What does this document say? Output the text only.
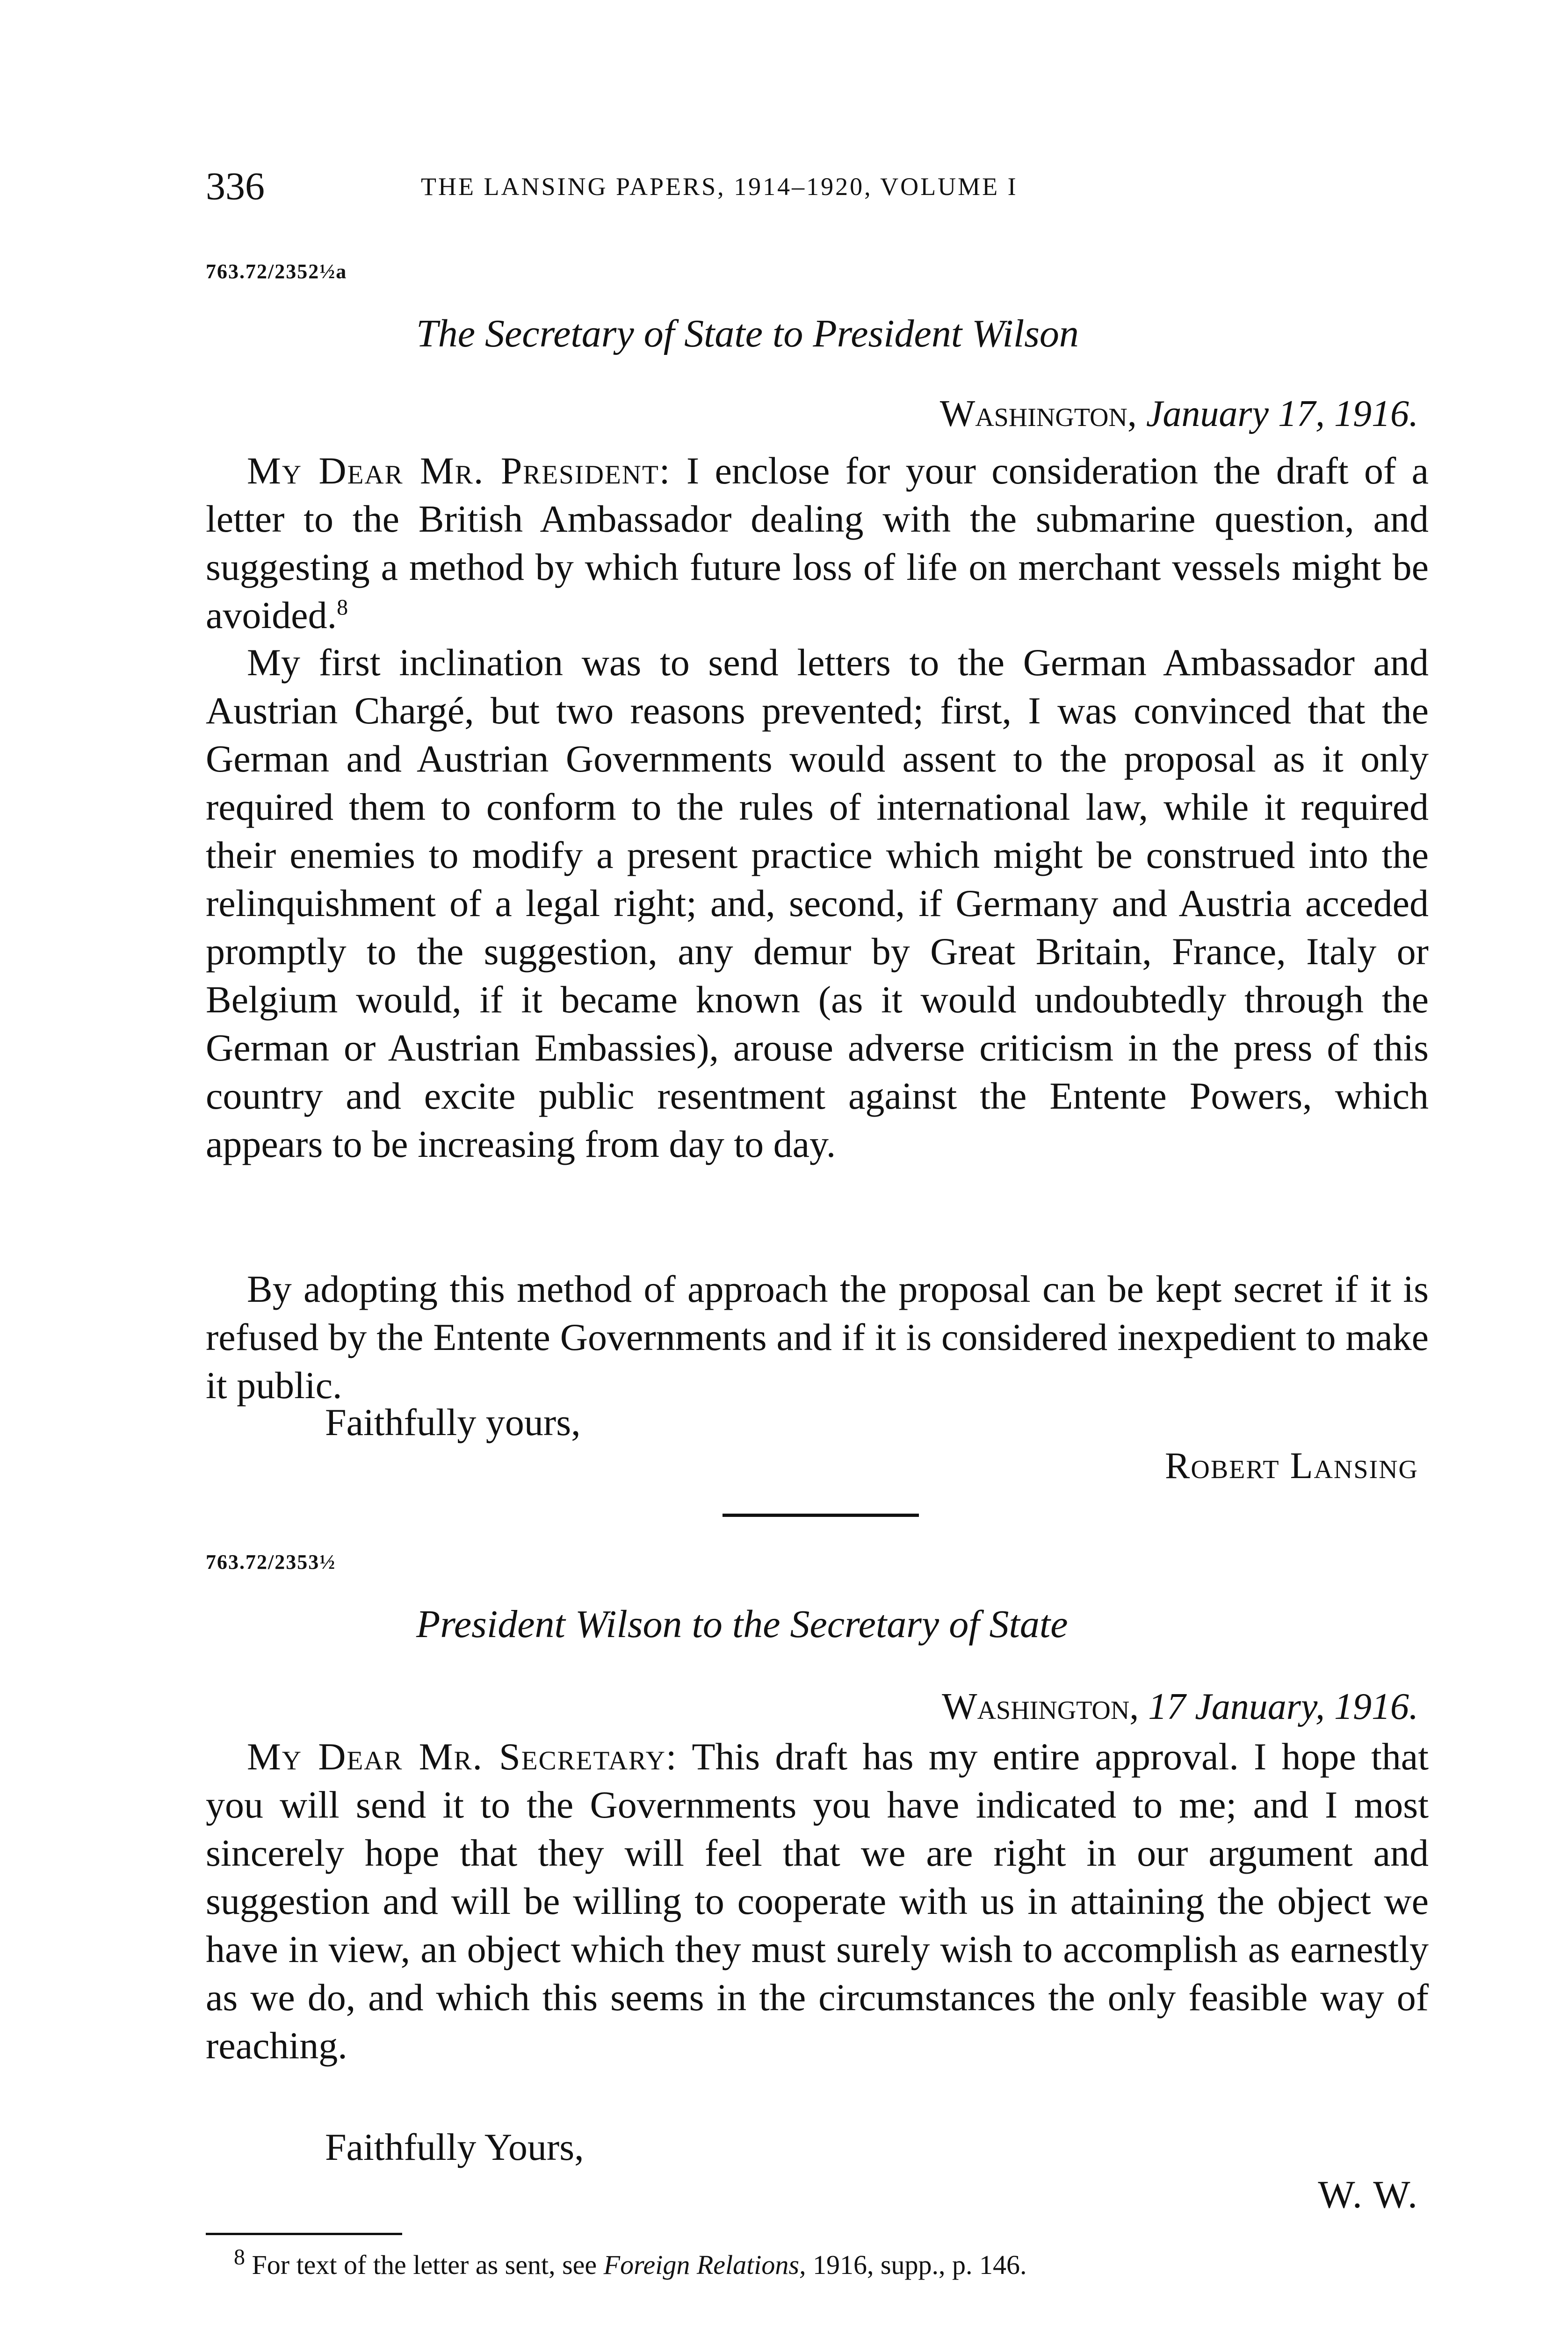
336	THE LANSING PAPERS, 1914–1920, VOLUME I
763.72/2352½a
The Secretary of State to President Wilson
Washington, January 17, 1916.

My Dear Mr. President: I enclose for your consideration the draft of a letter to the British Ambassador dealing with the submarine question, and suggesting a method by which future loss of life on merchant vessels might be avoided.$^8$

My first inclination was to send letters to the German Ambassador and Austrian Chargé, but two reasons prevented; first, I was convinced that the German and Austrian Governments would assent to the proposal as it only required them to conform to the rules of international law, while it required their enemies to modify a present practice which might be construed into the relinquishment of a legal right; and, second, if Germany and Austria acceded promptly to the suggestion, any demur by Great Britain, France, Italy or Belgium would, if it became known (as it would undoubtedly through the German or Austrian Embassies), arouse adverse criticism in the press of this country and excite public resentment against the Entente Powers, which appears to be increasing from day to day.

By adopting this method of approach the proposal can be kept secret if it is refused by the Entente Governments and if it is considered inexpedient to make it public.

Faithfully yours,
Robert Lansing
763.72/2353½
President Wilson to the Secretary of State
Washington, 17 January, 1916.

My Dear Mr. Secretary: This draft has my entire approval. I hope that you will send it to the Governments you have indicated to me; and I most sincerely hope that they will feel that we are right in our argument and suggestion and will be willing to cooperate with us in attaining the object we have in view, an object which they must surely wish to accomplish as earnestly as we do, and which this seems in the circumstances the only feasible way of reaching.

Faithfully Yours,
W. W.
$^8$ For text of the letter as sent, see Foreign Relations, 1916, supp., p. 146.
